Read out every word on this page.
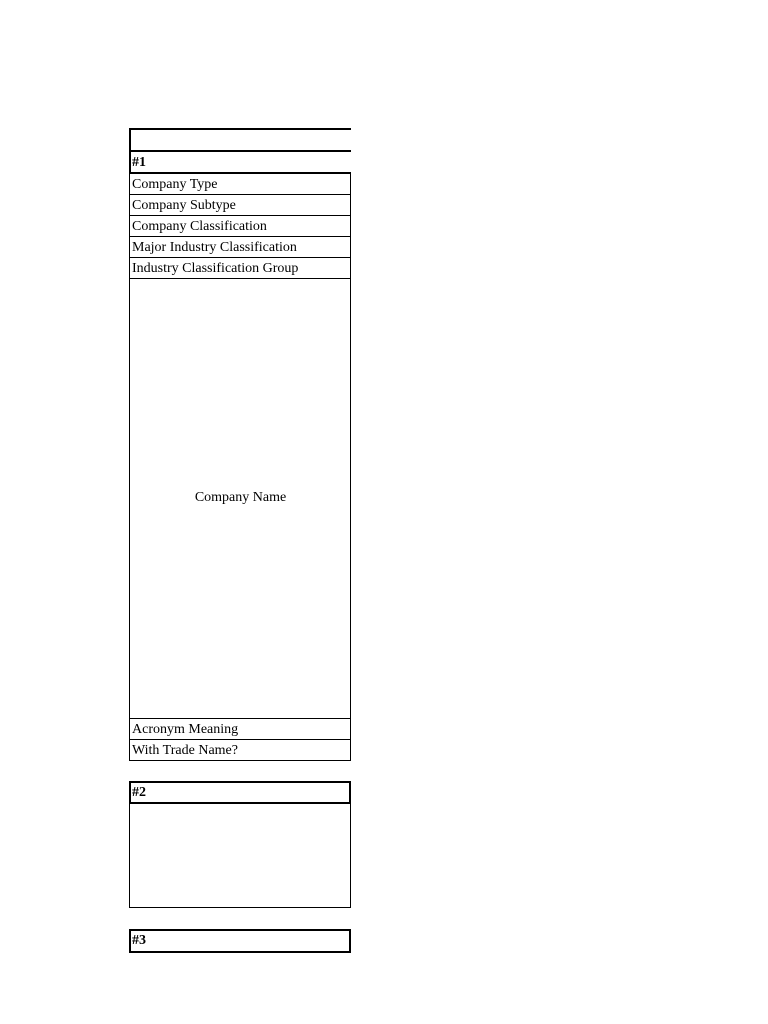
#1
Company Type
Company Subtype
Company Classification
Major Industry Classification
Industry Classification Group
Company Name
Acronym Meaning
With Trade Name?
#2
#3
